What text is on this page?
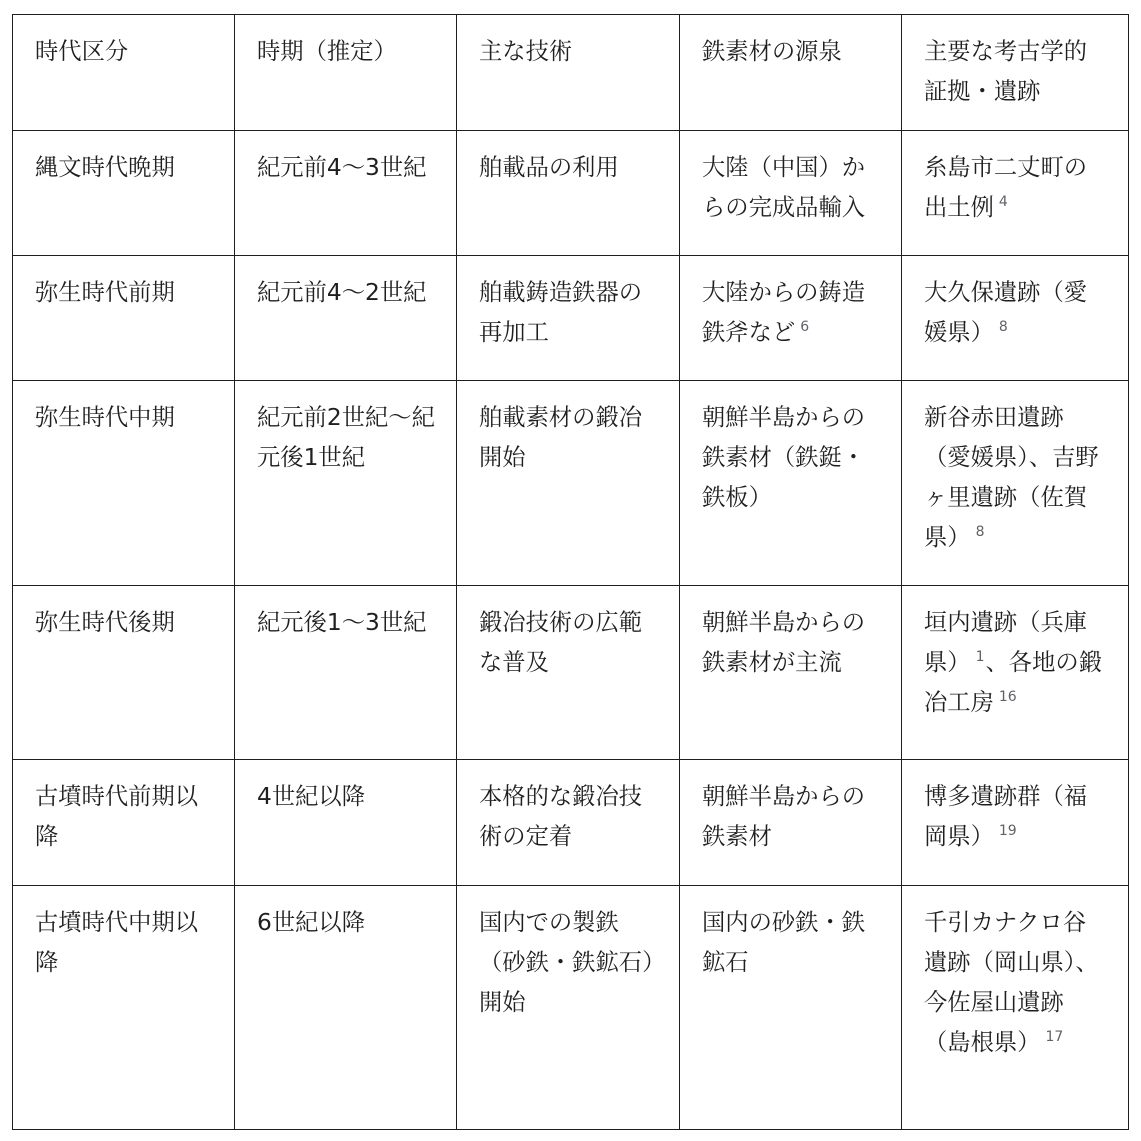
時代区分	時期（推定）	主な技術	鉄素材の源泉	主要な考古学的証拠・遺跡
縄文時代晩期	紀元前4～3世紀	舶載品の利用	大陸（中国）からの完成品輸入	糸島市二丈町の出土例 $^4$
弥生時代前期	紀元前4～2世紀	舶載鋳造鉄器の再加工	大陸からの鋳造鉄斧など $^6$	大久保遺跡（愛媛県） $^8$
弥生時代中期	紀元前2世紀～紀元後1世紀	舶載素材の鍛冶開始	朝鮮半島からの鉄素材（鉄鋌・鉄板）	新谷赤田遺跡（愛媛県）、吉野ヶ里遺跡（佐賀県） $^8$
弥生時代後期	紀元後1～3世紀	鍛冶技術の広範な普及	朝鮮半島からの鉄素材が主流	垣内遺跡（兵庫県） $^1$、各地の鍛冶工房 $^{16}$
古墳時代前期以降	4世紀以降	本格的な鍛冶技術の定着	朝鮮半島からの鉄素材	博多遺跡群（福岡県） $^{19}$
古墳時代中期以降	6世紀以降	国内での製鉄（砂鉄・鉄鉱石）開始	国内の砂鉄・鉄鉱石	千引カナクロ谷遺跡（岡山県）、今佐屋山遺跡（島根県） $^{17}$
